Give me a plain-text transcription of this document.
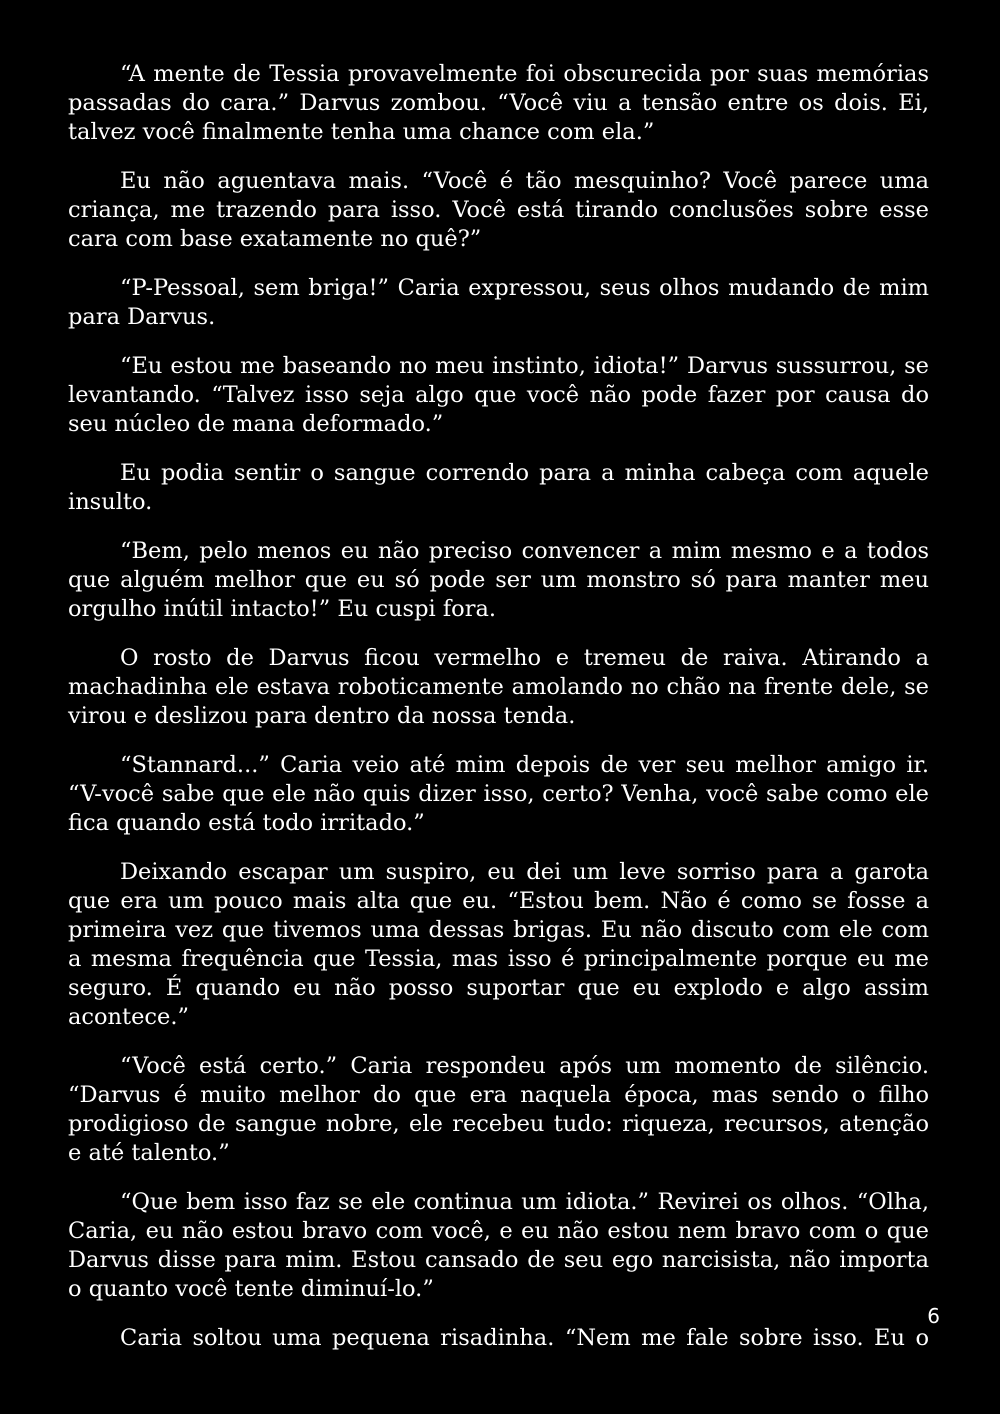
“A mente de Tessia provavelmente foi obscurecida por suas memórias passadas do cara.” Darvus zombou. “Você viu a tensão entre os dois. Ei, talvez você finalmente tenha uma chance com ela.”

Eu não aguentava mais. “Você é tão mesquinho? Você parece uma criança, me trazendo para isso. Você está tirando conclusões sobre esse cara com base exatamente no quê?”

“P-Pessoal, sem briga!” Caria expressou, seus olhos mudando de mim para Darvus.

“Eu estou me baseando no meu instinto, idiota!” Darvus sussurrou, se levantando. “Talvez isso seja algo que você não pode fazer por causa do seu núcleo de mana deformado.”

Eu podia sentir o sangue correndo para a minha cabeça com aquele insulto.

“Bem, pelo menos eu não preciso convencer a mim mesmo e a todos que alguém melhor que eu só pode ser um monstro só para manter meu orgulho inútil intacto!” Eu cuspi fora.

O rosto de Darvus ficou vermelho e tremeu de raiva. Atirando a machadinha ele estava roboticamente amolando no chão na frente dele, se virou e deslizou para dentro da nossa tenda.

“Stannard...” Caria veio até mim depois de ver seu melhor amigo ir. “V-você sabe que ele não quis dizer isso, certo? Venha, você sabe como ele fica quando está todo irritado.”

Deixando escapar um suspiro, eu dei um leve sorriso para a garota que era um pouco mais alta que eu. “Estou bem. Não é como se fosse a primeira vez que tivemos uma dessas brigas. Eu não discuto com ele com a mesma frequência que Tessia, mas isso é principalmente porque eu me seguro. É quando eu não posso suportar que eu explodo e algo assim acontece.”

“Você está certo.” Caria respondeu após um momento de silêncio. “Darvus é muito melhor do que era naquela época, mas sendo o filho prodigioso de sangue nobre, ele recebeu tudo: riqueza, recursos, atenção e até talento.”

“Que bem isso faz se ele continua um idiota.” Revirei os olhos. “Olha, Caria, eu não estou bravo com você, e eu não estou nem bravo com o que Darvus disse para mim. Estou cansado de seu ego narcisista, não importa o quanto você tente diminuí-lo.”

Caria soltou uma pequena risadinha. “Nem me fale sobre isso. Eu o

6
